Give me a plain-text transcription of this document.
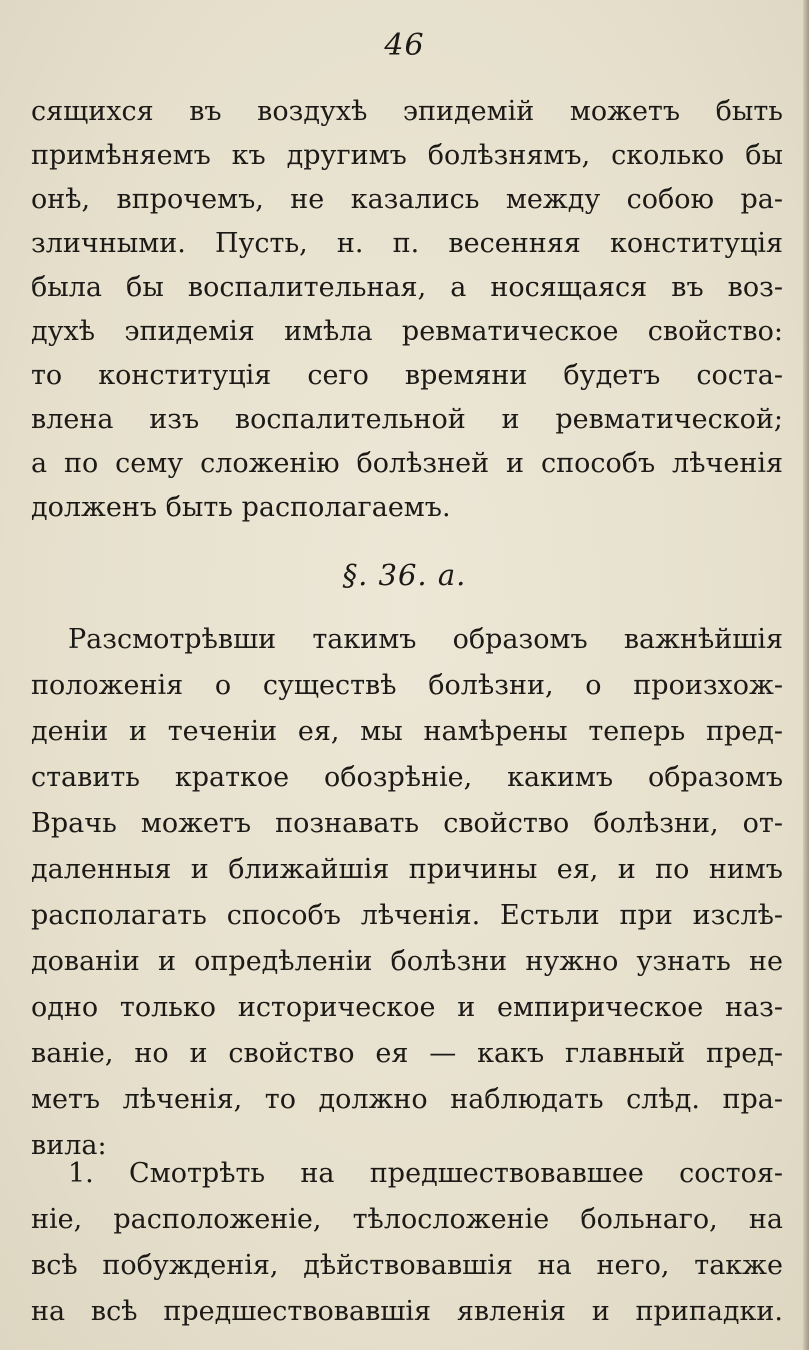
46
сящихся въ воздухѣ эпидемій можетъ быть
примѣняемъ къ другимъ болѣзнямъ, сколько бы
онѣ, впрочемъ, не казались между собою ра-
зличными. Пусть, н. п. весенняя конституція
была бы воспалительная, а носящаяся въ воз-
духѣ эпидемія имѣла ревматическое свойство:
то конституція сего времяни будетъ соста-
влена изъ воспалительной и ревматической;
а по сему сложенію болѣзней и способъ лѣченія
долженъ быть располагаемъ.
§. 36. a.
Разсмотрѣвши такимъ образомъ важнѣйшія
положенія о существѣ болѣзни, о произхож-
деніи и теченіи ея, мы намѣрены теперь пред-
ставить краткое обозрѣніе, какимъ образомъ
Врачь можетъ познавать свойство болѣзни, от-
даленныя и ближайшія причины ея, и по нимъ
располагать способъ лѣченія. Естьли при изслѣ-
дованіи и опредѣленіи болѣзни нужно узнать не
одно только историческое и емпирическое наз-
ваніе, но и свойство ея — какъ главный пред-
метъ лѣченія, то должно наблюдать слѣд. пра-
вила:
1. Смотрѣть на предшествовавшее состоя-
ніе, расположеніе, тѣлосложеніе больнаго, на
всѣ побужденія, дѣйствовавшія на него, также
на всѣ предшествовавшія явленія и припадки.
